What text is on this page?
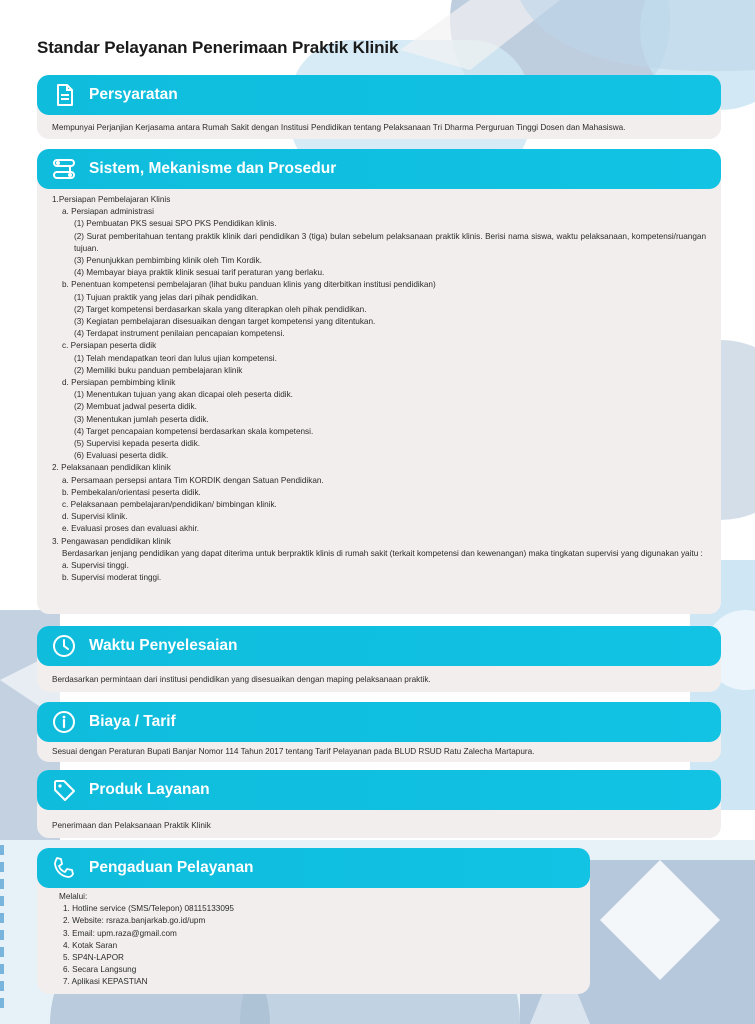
Standar Pelayanan Penerimaan Praktik Klinik
Persyaratan
Mempunyai Perjanjian Kerjasama antara Rumah Sakit dengan Institusi Pendidikan tentang Pelaksanaan Tri Dharma Perguruan Tinggi Dosen dan Mahasiswa.
Sistem, Mekanisme dan Prosedur
1.Persiapan Pembelajaran Klinis
a. Persiapan administrasi
(1) Pembuatan PKS sesuai SPO PKS Pendidikan klinis.
(2) Surat pemberitahuan tentang praktik klinik dari pendidikan 3 (tiga) bulan sebelum pelaksanaan praktik klinis. Berisi nama siswa, waktu pelaksanaan, kompetensi/ruangan tujuan.
(3) Penunjukkan pembimbing klinik oleh Tim Kordik.
(4) Membayar biaya praktik klinik sesuai tarif peraturan yang berlaku.
b. Penentuan kompetensi pembelajaran (lihat buku panduan klinis yang diterbitkan institusi pendidikan)
(1) Tujuan praktik yang jelas dari pihak pendidikan.
(2) Target kompetensi berdasarkan skala yang diterapkan oleh pihak pendidikan.
(3) Kegiatan pembelajaran disesuaikan dengan target kompetensi yang ditentukan.
(4) Terdapat instrument penilaian pencapaian kompetensi.
c. Persiapan peserta didik
(1) Telah mendapatkan teori dan lulus ujian kompetensi.
(2) Memiliki buku panduan pembelajaran klinik
d. Persiapan pembimbing klinik
(1) Menentukan tujuan yang akan dicapai oleh peserta didik.
(2) Membuat jadwal peserta didik.
(3) Menentukan jumlah peserta didik.
(4) Target pencapaian kompetensi berdasarkan skala kompetensi.
(5) Supervisi kepada peserta didik.
(6) Evaluasi peserta didik.
2. Pelaksanaan pendidikan klinik
a. Persamaan persepsi antara Tim KORDIK dengan Satuan Pendidikan.
b. Pembekalan/orientasi peserta didik.
c. Pelaksanaan pembelajaran/pendidikan/ bimbingan klinik.
d. Supervisi klinik.
e. Evaluasi proses dan evaluasi akhir.
3. Pengawasan pendidikan klinik
Berdasarkan jenjang pendidikan yang dapat diterima untuk berpraktik klinis di rumah sakit (terkait kompetensi dan kewenangan) maka tingkatan supervisi yang digunakan yaitu :
a. Supervisi tinggi.
b. Supervisi moderat tinggi.
Waktu Penyelesaian
Berdasarkan permintaan dari institusi pendidikan yang disesuaikan dengan maping pelaksanaan praktik.
Biaya / Tarif
Sesuai dengan Peraturan Bupati Banjar Nomor 114 Tahun 2017 tentang Tarif Pelayanan pada BLUD RSUD Ratu Zalecha Martapura.
Produk Layanan
Penerimaan dan Pelaksanaan Praktik Klinik
Pengaduan Pelayanan
Melalui:
1. Hotline service (SMS/Telepon) 08115133095
2. Website: rsraza.banjarkab.go.id/upm
3. Email: upm.raza@gmail.com
4. Kotak Saran
5. SP4N-LAPOR
6. Secara Langsung
7. Aplikasi KEPASTIAN
